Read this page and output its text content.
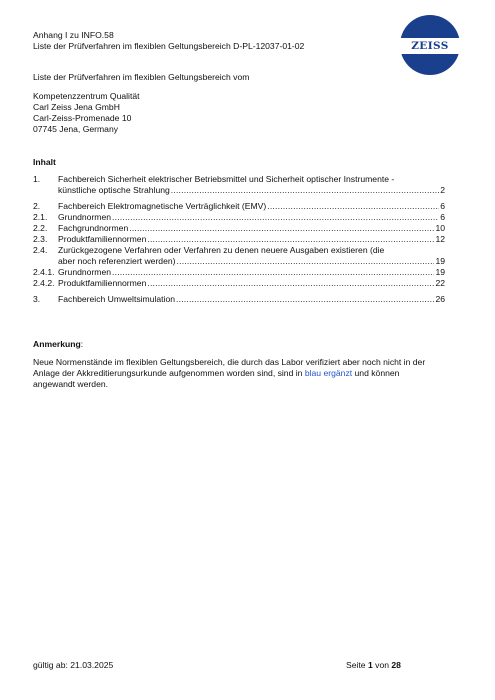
Anhang I zu INFO.58
Liste der Prüfverfahren im flexiblen Geltungsbereich D-PL-12037-01-02	ZEISS
Liste der Prüfverfahren im flexiblen Geltungsbereich vom
Kompetenzzentrum Qualität
Carl Zeiss Jena GmbH
Carl-Zeiss-Promenade 10
07745 Jena, Germany
Inhalt
1.	Fachbereich Sicherheit elektrischer Betriebsmittel und Sicherheit optischer Instrumente -
künstliche optische Strahlung .....	2
2.	Fachbereich Elektromagnetische Verträglichkeit (EMV) .....	6
2.1.	Grundnormen .....	6
2.2.	Fachgrundnormen .....	10
2.3.	Produktfamiliennormen .....	12
2.4.	Zurückgezogene Verfahren oder Verfahren zu denen neuere Ausgaben existieren (die
aber noch referenziert werden) .....	19
2.4.1. Grundnormen .....	19
2.4.2. Produktfamiliennormen .....	22
3.	Fachbereich Umweltsimulation .....	26
Anmerkung:
Neue Normenstände im flexiblen Geltungsbereich, die durch das Labor verifiziert aber noch nicht in der Anlage der Akkreditierungsurkunde aufgenommen worden sind, sind in blau ergänzt und können angewandt werden.
gültig ab: 21.03.2025	Seite 1 von 28
